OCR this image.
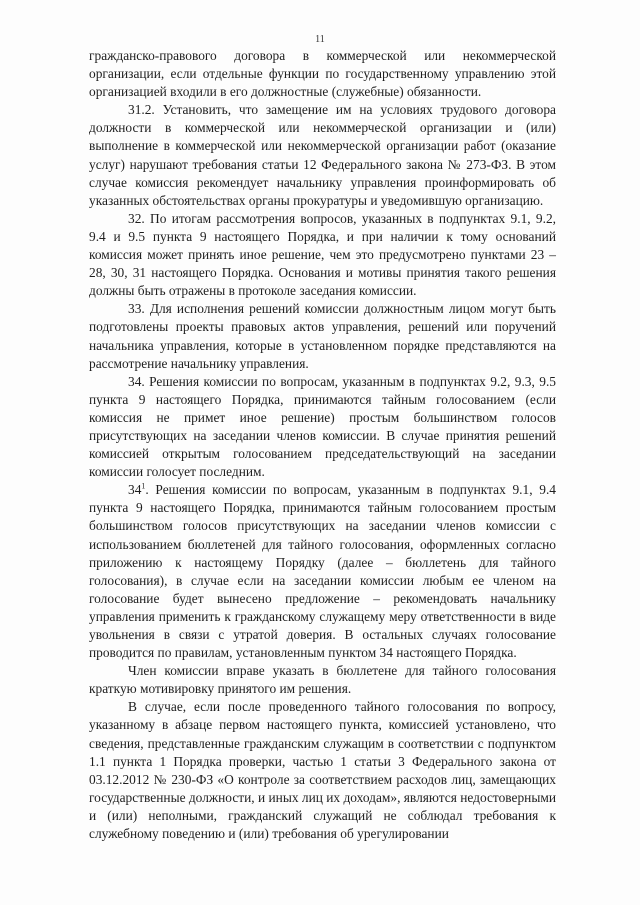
11

гражданско-правового договора в коммерческой или некоммерческой организации, если отдельные функции по государственному управлению этой организацией входили в его должностные (служебные) обязанности.

31.2. Установить, что замещение им на условиях трудового договора должности в коммерческой или некоммерческой организации и (или) выполнение в коммерческой или некоммерческой организации работ (оказание услуг) нарушают требования статьи 12 Федерального закона № 273-ФЗ. В этом случае комиссия рекомендует начальнику управления проинформировать об указанных обстоятельствах органы прокуратуры и уведомившую организацию.

32. По итогам рассмотрения вопросов, указанных в подпунктах 9.1, 9.2, 9.4 и 9.5 пункта 9 настоящего Порядка, и при наличии к тому оснований комиссия может принять иное решение, чем это предусмотрено пунктами 23 – 28, 30, 31 настоящего Порядка. Основания и мотивы принятия такого решения должны быть отражены в протоколе заседания комиссии.

33. Для исполнения решений комиссии должностным лицом могут быть подготовлены проекты правовых актов управления, решений или поручений начальника управления, которые в установленном порядке представляются на рассмотрение начальнику управления.

34. Решения комиссии по вопросам, указанным в подпунктах 9.2, 9.3, 9.5 пункта 9 настоящего Порядка, принимаются тайным голосованием (если комиссия не примет иное решение) простым большинством голосов присутствующих на заседании членов комиссии. В случае принятия решений комиссией открытым голосованием председательствующий на заседании комиссии голосует последним.

$34^1$. Решения комиссии по вопросам, указанным в подпунктах 9.1, 9.4 пункта 9 настоящего Порядка, принимаются тайным голосованием простым большинством голосов присутствующих на заседании членов комиссии с использованием бюллетеней для тайного голосования, оформленных согласно приложению к настоящему Порядку (далее – бюллетень для тайного голосования), в случае если на заседании комиссии любым ее членом на голосование будет вынесено предложение – рекомендовать начальнику управления применить к гражданскому служащему меру ответственности в виде увольнения в связи с утратой доверия. В остальных случаях голосование проводится по правилам, установленным пунктом 34 настоящего Порядка.

Член комиссии вправе указать в бюллетене для тайного голосования краткую мотивировку принятого им решения.

В случае, если после проведенного тайного голосования по вопросу, указанному в абзаце первом настоящего пункта, комиссией установлено, что сведения, представленные гражданским служащим в соответствии с подпунктом 1.1 пункта 1 Порядка проверки, частью 1 статьи 3 Федерального закона от 03.12.2012 № 230-ФЗ «О контроле за соответствием расходов лиц, замещающих государственные должности, и иных лиц их доходам», являются недостоверными и (или) неполными, гражданский служащий не соблюдал требования к служебному поведению и (или) требования об урегулировании
